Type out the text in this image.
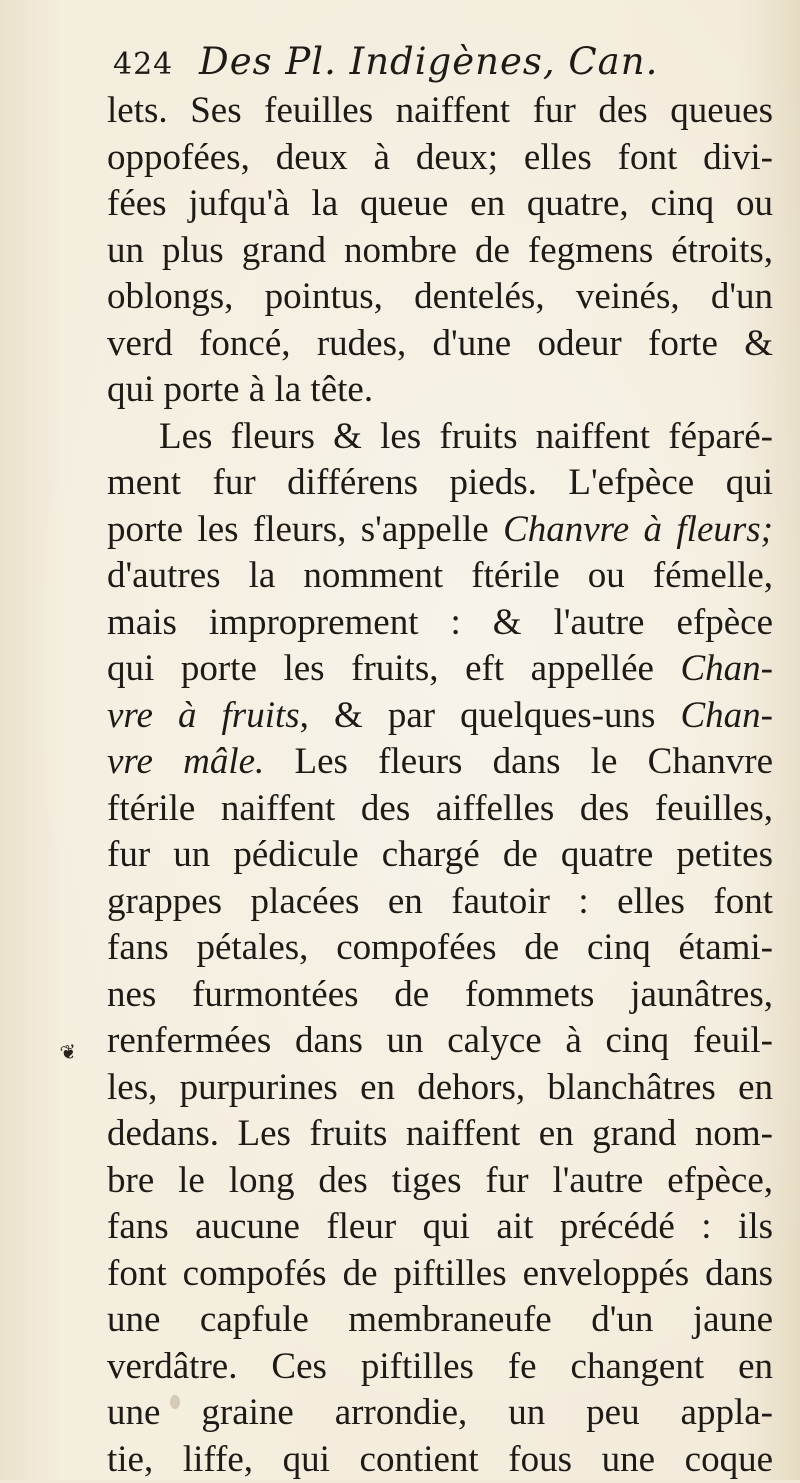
424 Des Pl. Indigènes, Can.
lets. Ses feuilles naiffent fur des queues
oppofées, deux à deux; elles font divi-
fées jufqu'à la queue en quatre, cinq ou
un plus grand nombre de fegmens étroits,
oblongs, pointus, dentelés, veinés, d'un
verd foncé, rudes, d'une odeur forte &
qui porte à la tête.
Les fleurs & les fruits naiffent féparé-
ment fur différens pieds. L'efpèce qui
porte les fleurs, s'appelle Chanvre à fleurs;
d'autres la nomment ftérile ou fémelle,
mais improprement : & l'autre efpèce
qui porte les fruits, eft appellée Chan-
vre à fruits, & par quelques-uns Chan-
vre mâle. Les fleurs dans le Chanvre
ftérile naiffent des aiffelles des feuilles,
fur un pédicule chargé de quatre petites
grappes placées en fautoir : elles font
fans pétales, compofées de cinq étami-
nes furmontées de fommets jaunâtres,
renfermées dans un calyce à cinq feuil-
les, purpurines en dehors, blanchâtres en
dedans. Les fruits naiffent en grand nom-
bre le long des tiges fur l'autre efpèce,
fans aucune fleur qui ait précédé : ils
font compofés de piftilles enveloppés dans
une capfule membraneufe d'un jaune
verdâtre. Ces piftilles fe changent en
une graine arrondie, un peu appla-
tie, liffe, qui contient fous une coque
❦
